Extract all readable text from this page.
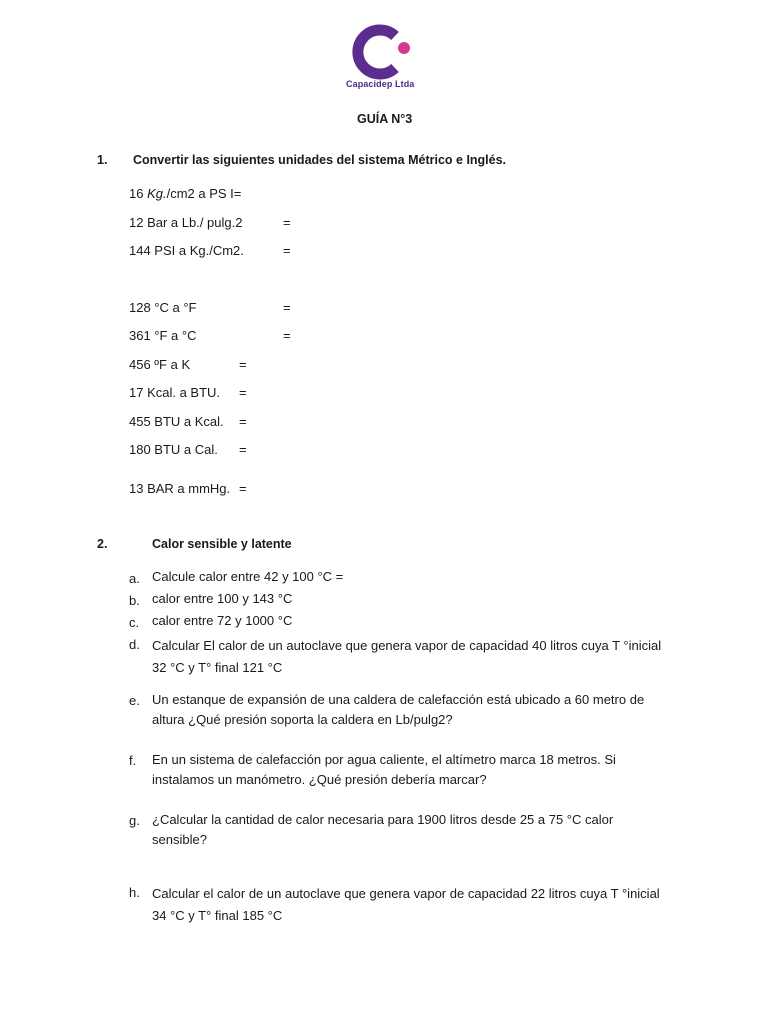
Capacidep Ltda
GUÍA N°3
1. Convertir las siguientes unidades del sistema Métrico e Inglés.
16 Kg./cm2 a PS I=
12 Bar a Lb./ pulg.2	=
144 PSI a Kg./Cm2.	=
128 °C a °F	=
361 °F a °C	=
456 ºF a K	=
17 Kcal. a BTU. =
455 BTU a Kcal. =
180 BTU a Cal. =
13 BAR a mmHg. =
2.	Calor sensible y latente
a. Calcule calor entre 42 y 100 °C =
b. calor entre 100 y 143 °C
c. calor entre 72 y 1000 °C
d. Calcular El calor de un autoclave que genera vapor de capacidad 40 litros cuya T °inicial 32 °C y T° final 121 °C
e. Un estanque de expansión de una caldera de calefacción está ubicado a 60 metro de altura ¿Qué presión soporta la caldera en Lb/pulg2?
f. En un sistema de calefacción por agua caliente, el altímetro marca 18 metros. Si instalamos un manómetro. ¿Qué presión debería marcar?
g. ¿Calcular la cantidad de calor necesaria para 1900 litros desde 25 a 75 °C calor sensible?
h. Calcular el calor de un autoclave que genera vapor de capacidad 22 litros cuya T °inicial 34 °C y T° final 185 °C
